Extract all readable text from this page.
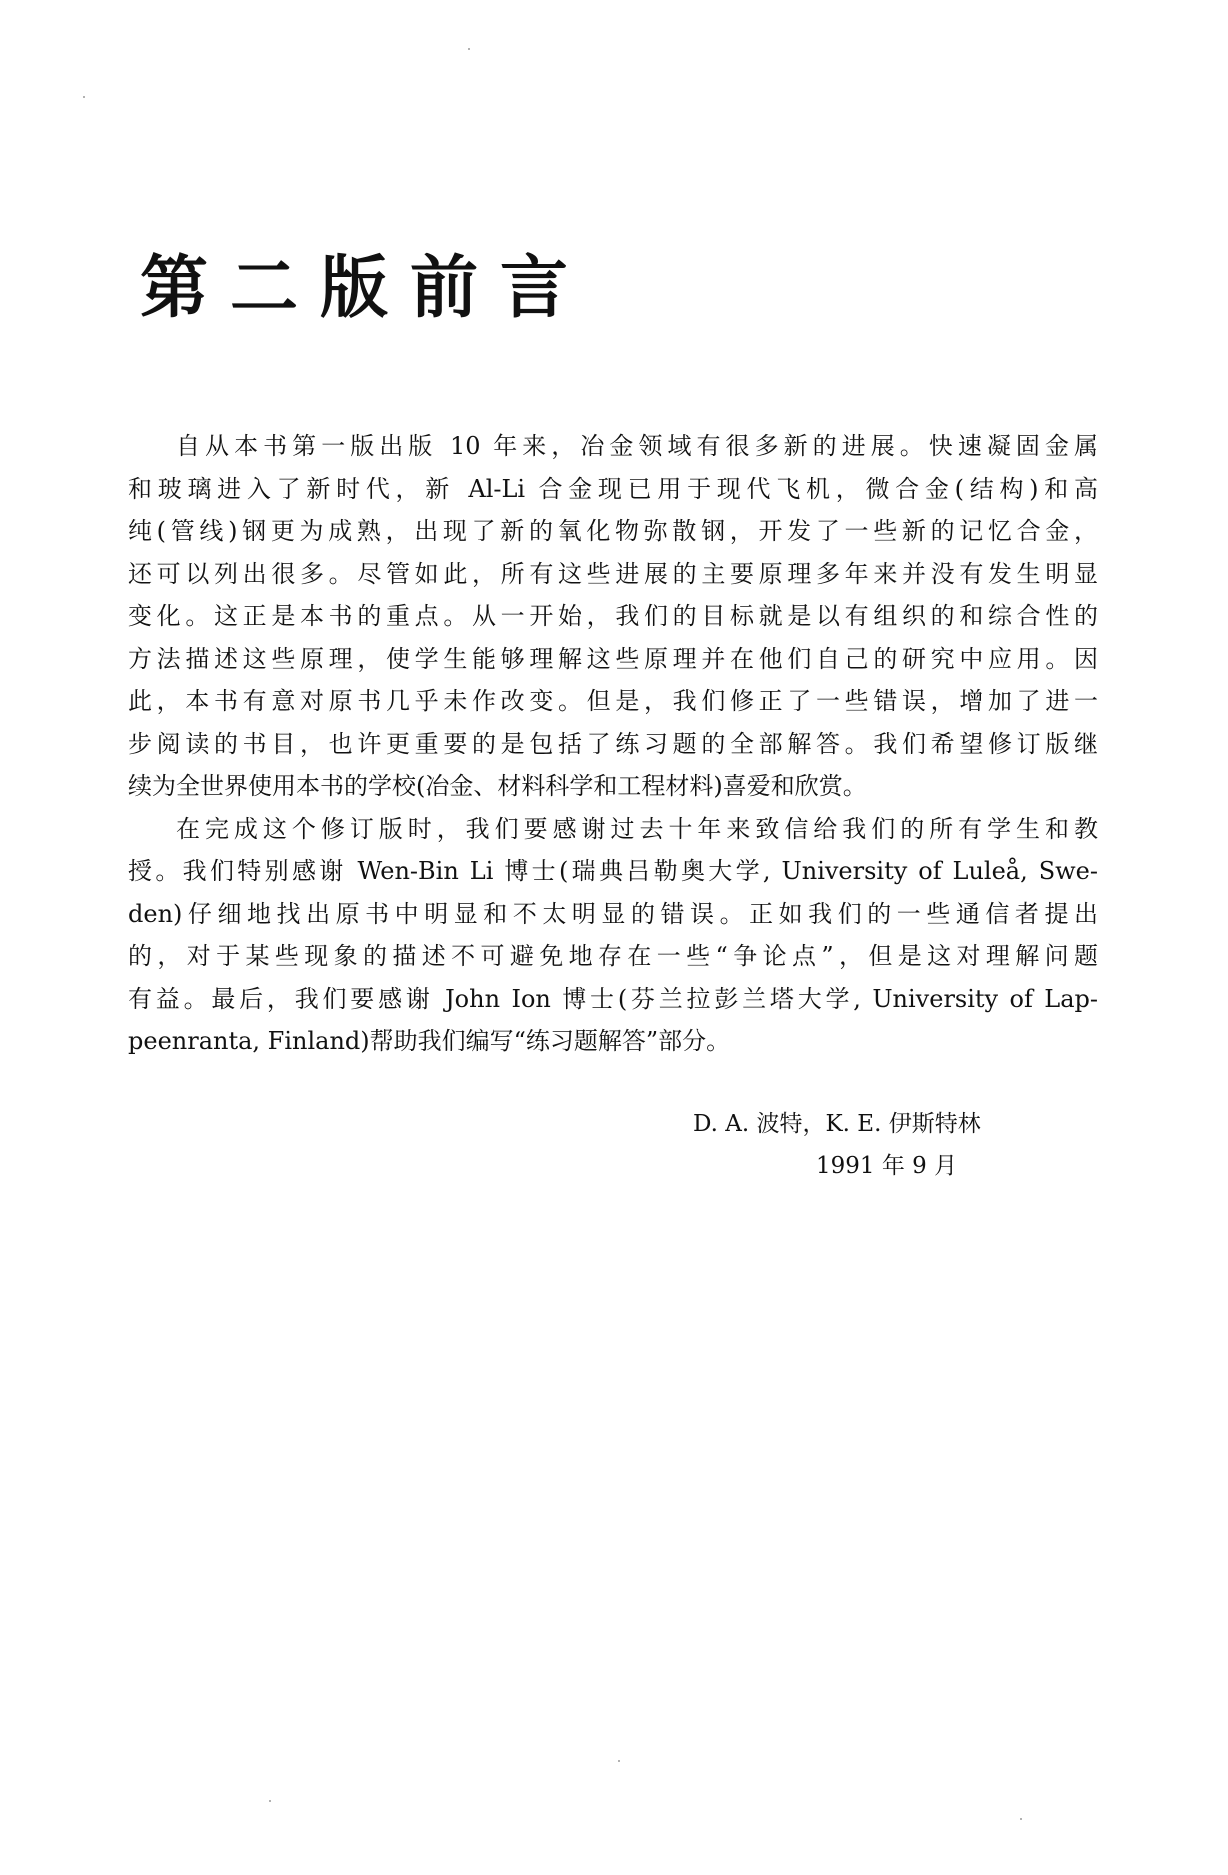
第二版前言

自从本书第一版出版 10 年来，冶金领域有很多新的进展。快速凝固金属
和玻璃进入了新时代，新 Al-Li 合金现已用于现代飞机，微合金(结构)和高
纯(管线)钢更为成熟，出现了新的氧化物弥散钢，开发了一些新的记忆合金，
还可以列出很多。尽管如此，所有这些进展的主要原理多年来并没有发生明显
变化。这正是本书的重点。从一开始，我们的目标就是以有组织的和综合性的
方法描述这些原理，使学生能够理解这些原理并在他们自己的研究中应用。因
此，本书有意对原书几乎未作改变。但是，我们修正了一些错误，增加了进一
步阅读的书目，也许更重要的是包括了练习题的全部解答。我们希望修订版继
续为全世界使用本书的学校(冶金、材料科学和工程材料)喜爱和欣赏。

在完成这个修订版时，我们要感谢过去十年来致信给我们的所有学生和教
授。我们特别感谢 Wen-Bin Li 博士(瑞典吕勒奥大学, University of Luleå, Swe-
den)仔细地找出原书中明显和不太明显的错误。正如我们的一些通信者提出
的，对于某些现象的描述不可避免地存在一些“争论点”，但是这对理解问题
有益。最后，我们要感谢 John Ion 博士(芬兰拉彭兰塔大学, University of Lap-
peenranta, Finland)帮助我们编写“练习题解答”部分。

D. A. 波特，K. E. 伊斯特林
1991 年 9 月
